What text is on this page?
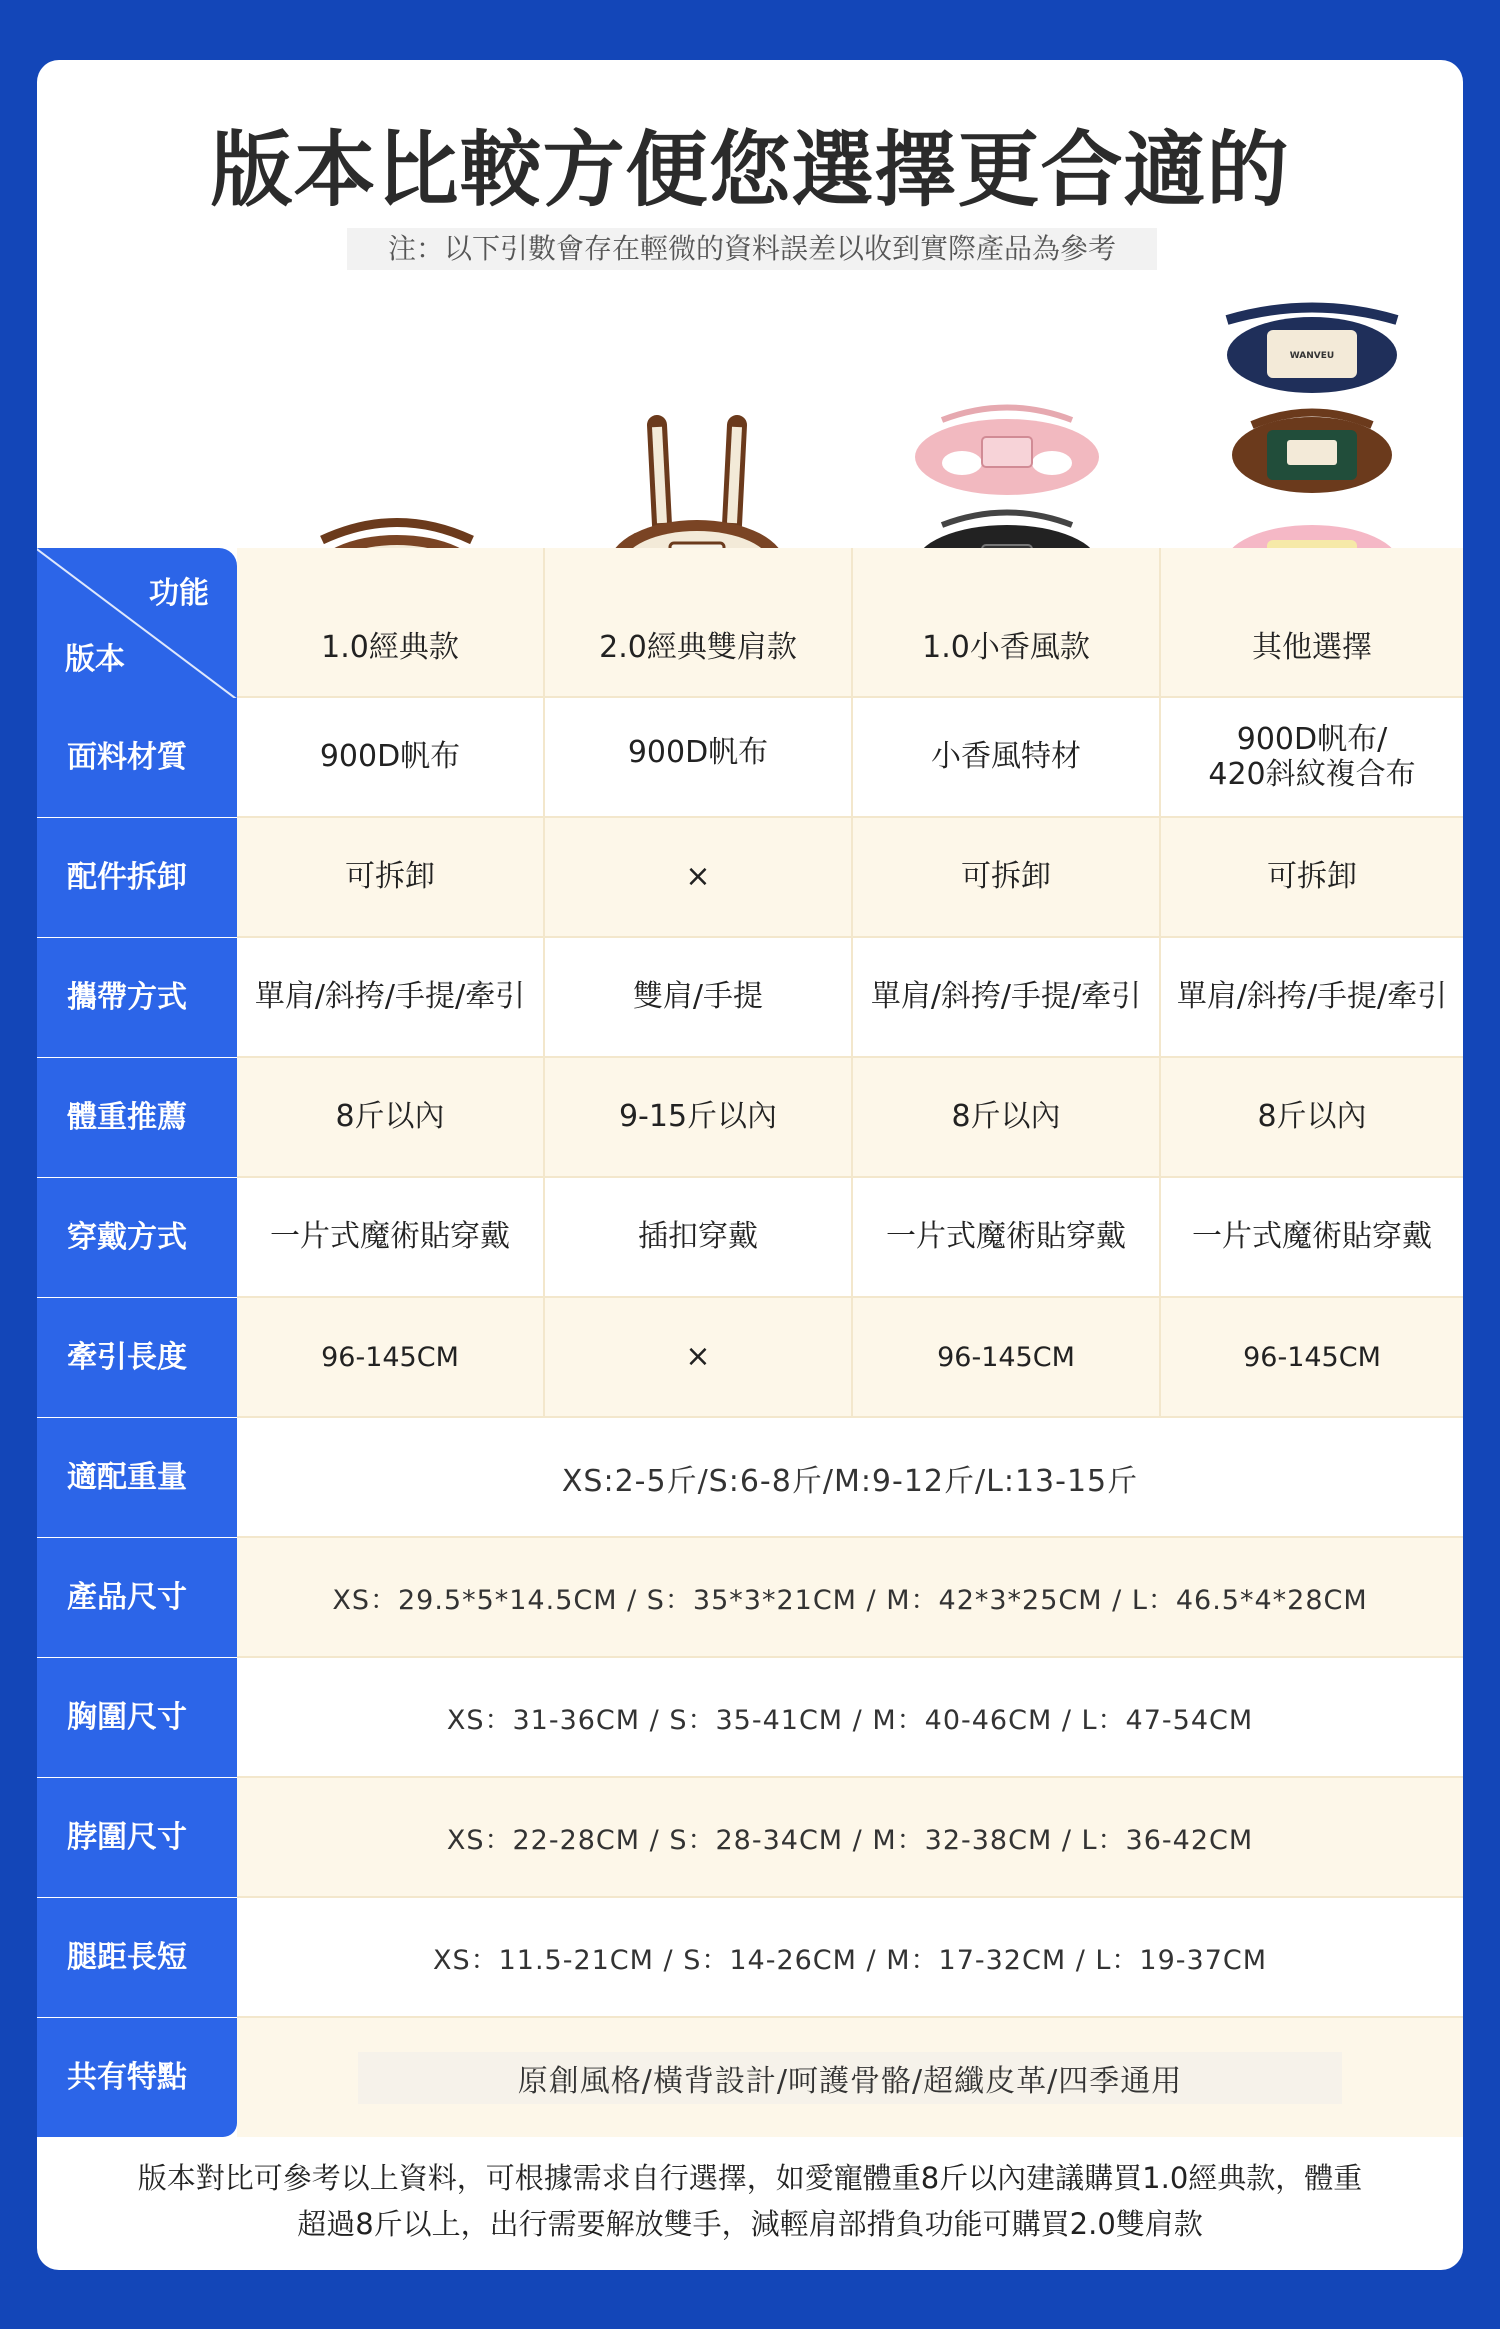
版本比較方便您選擇更合適的
注：以下引數會存在輕微的資料誤差以收到實際產品為參考
WANVEU
功能
版本	1.0經典款	2.0經典雙肩款	1.0小香風款	其他選擇
面料材質	900D帆布	900D帆布	小香風特材	900D帆布/
420斜紋複合布
配件拆卸	可拆卸	×	可拆卸	可拆卸
攜帶方式	單肩/斜挎/手提/牽引	雙肩/手提	單肩/斜挎/手提/牽引	單肩/斜挎/手提/牽引
體重推薦	8斤以內	9-15斤以內	8斤以內	8斤以內
穿戴方式	一片式魔術貼穿戴	插扣穿戴	一片式魔術貼穿戴	一片式魔術貼穿戴
牽引長度	96-145CM	×	96-145CM	96-145CM
適配重量	XS:2-5斤/S:6-8斤/M:9-12斤/L:13-15斤
產品尺寸	XS：29.5*5*14.5CM / S：35*3*21CM / M：42*3*25CM / L：46.5*4*28CM
胸圍尺寸	XS：31-36CM / S：35-41CM / M：40-46CM / L：47-54CM
脖圍尺寸	XS：22-28CM / S：28-34CM / M：32-38CM / L：36-42CM
腿距長短	XS：11.5-21CM / S：14-26CM / M：17-32CM / L：19-37CM
共有特點	原創風格/橫背設計/呵護骨骼/超纖皮革/四季通用
版本對比可參考以上資料，可根據需求自行選擇，如愛寵體重8斤以內建議購買1.0經典款，體重
超過8斤以上，出行需要解放雙手，減輕肩部揹負功能可購買2.0雙肩款
